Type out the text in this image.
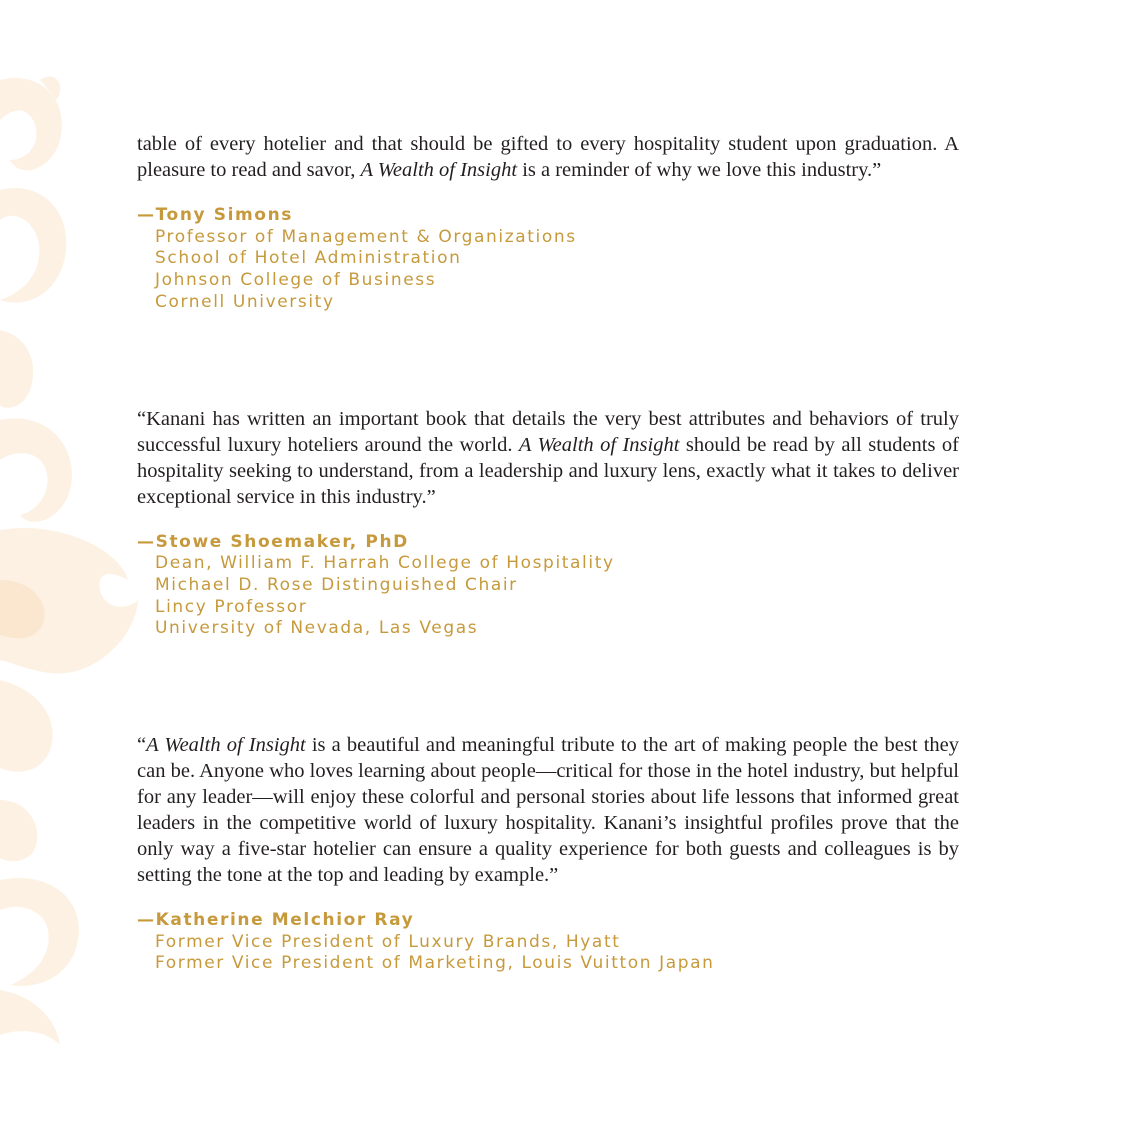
table of every hotelier and that should be gifted to every hospitality student upon graduation. A pleasure to read and savor, A Wealth of Insight is a reminder of why we love this industry.”

—Tony Simons
Professor of Management & Organizations
School of Hotel Administration
Johnson College of Business
Cornell University

“Kanani has written an important book that details the very best attributes and behaviors of truly successful luxury hoteliers around the world. A Wealth of Insight should be read by all students of hospitality seeking to understand, from a leadership and luxury lens, exactly what it takes to deliver exceptional service in this industry.”

—Stowe Shoemaker, PhD
Dean, William F. Harrah College of Hospitality
Michael D. Rose Distinguished Chair
Lincy Professor
University of Nevada, Las Vegas

“A Wealth of Insight is a beautiful and meaningful tribute to the art of making people the best they can be. Anyone who loves learning about people—critical for those in the hotel industry, but helpful for any leader—will enjoy these colorful and personal stories about life lessons that informed great leaders in the competitive world of luxury hospitality. Kanani’s insightful profiles prove that the only way a five-star hotelier can ensure a quality experience for both guests and colleagues is by setting the tone at the top and leading by example.”

—Katherine Melchior Ray
Former Vice President of Luxury Brands, Hyatt
Former Vice President of Marketing, Louis Vuitton Japan
